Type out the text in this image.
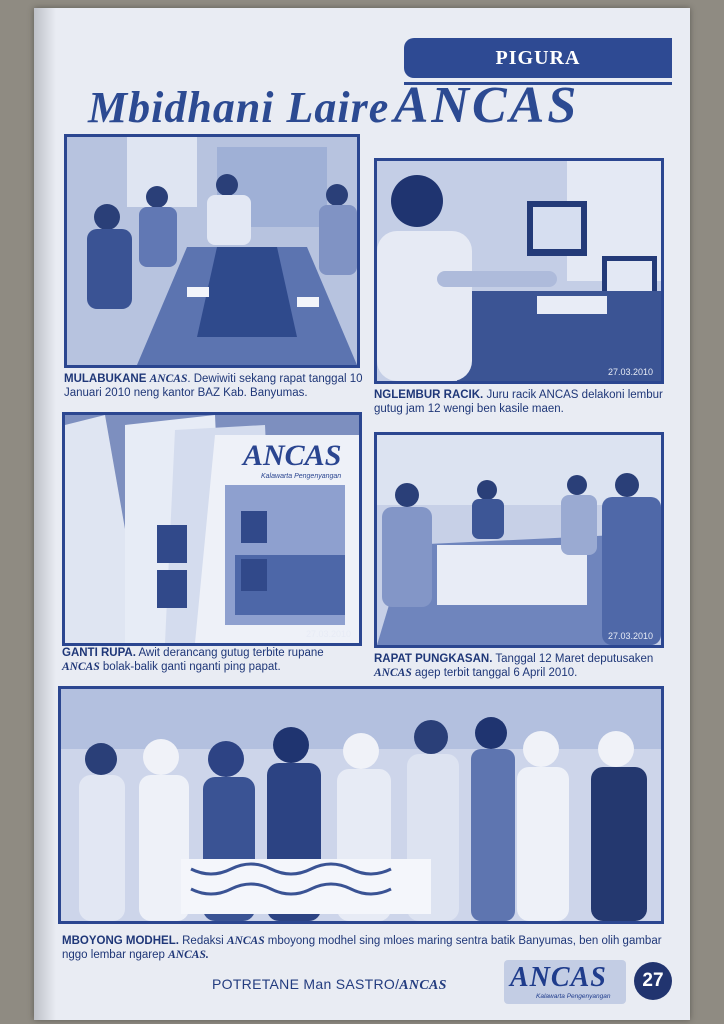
PIGURA
Mbidhani Laire ANCAS
MULABUKANE ANCAS. Dewiwiti sekang rapat tanggal 10 Januari 2010 neng kantor BAZ Kab. Banyumas.
27.03.2010
NGLEMBUR RACIK. Juru racik ANCAS delakoni lembur gutug jam 12 wengi ben kasile maen.
ANCAS
Kalawarta Pengenyangan
27.03.2010
GANTI RUPA. Awit derancang gutug terbite rupane ANCAS bolak-balik ganti nganti ping papat.
27.03.2010
RAPAT PUNGKASAN. Tanggal 12 Maret deputusaken ANCAS agep terbit tanggal 6 April 2010.
MBOYONG MODHEL. Redaksi ANCAS mboyong modhel sing mloes maring sentra batik Banyumas, ben olih gambar nggo lembar ngarep ANCAS.
POTRETANE Man SASTRO/ANCAS ANCAS
Kalawarta Pengenyangan
27
